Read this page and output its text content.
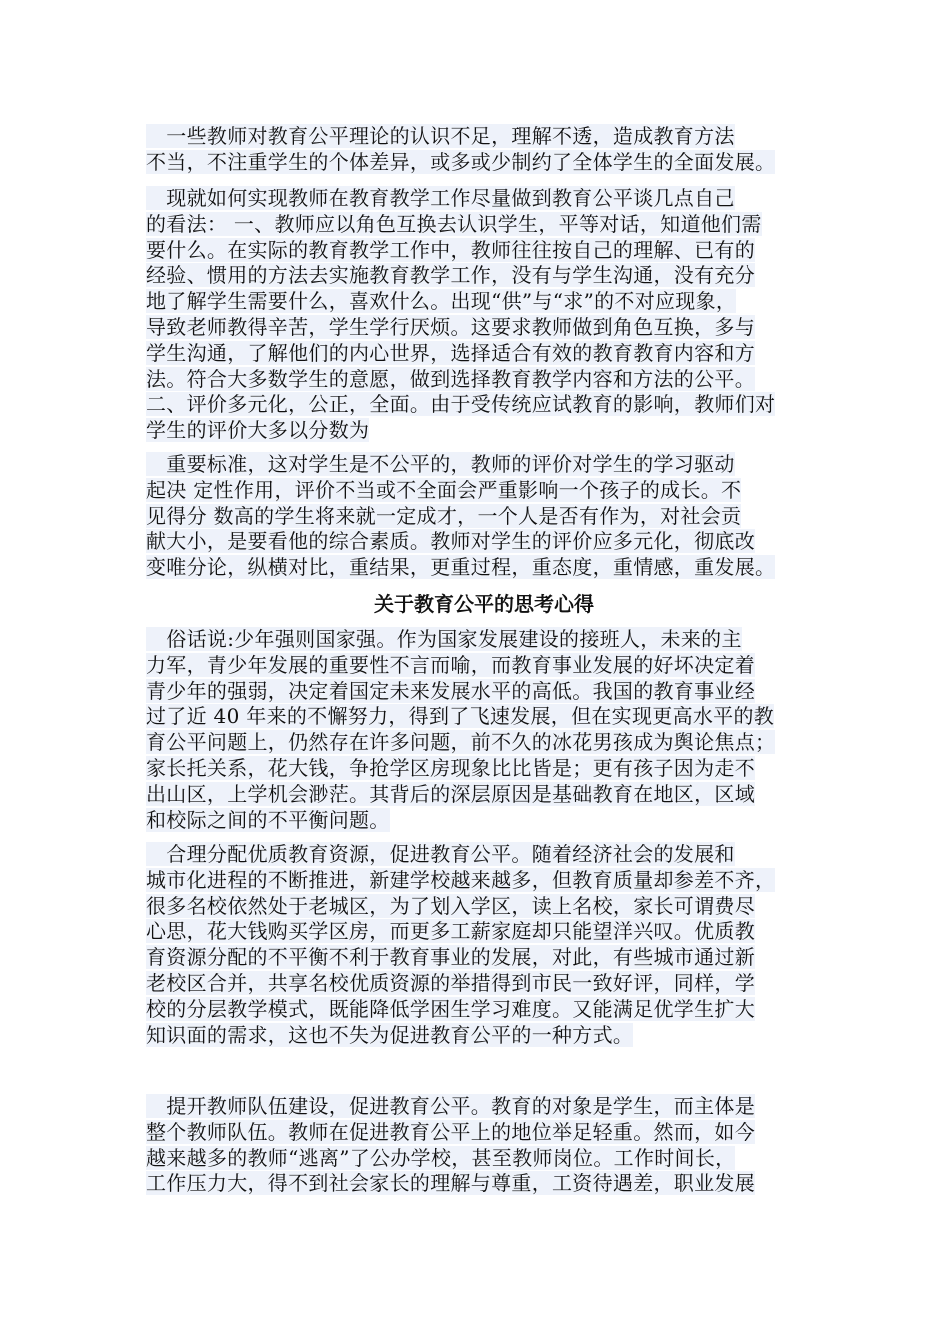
　一些教师对教育公平理论的认识不足，理解不透，造成教育方法
不当，不注重学生的个体差异，或多或少制约了全体学生的全面发展。
　现就如何实现教师在教育教学工作尽量做到教育公平谈几点自己
的看法： 一、教师应以角色互换去认识学生，平等对话，知道他们需
要什么。在实际的教育教学工作中，教师往往按自己的理解、已有的
经验、惯用的方法去实施教育教学工作，没有与学生沟通，没有充分
地了解学生需要什么，喜欢什么。出现“供”与“求”的不对应现象，
导致老师教得辛苦，学生学行厌烦。这要求教师做到角色互换，多与
学生沟通，了解他们的内心世界，选择适合有效的教育教育内容和方
法。符合大多数学生的意愿，做到选择教育教学内容和方法的公平。
二、评价多元化，公正，全面。由于受传统应试教育的影响，教师们对
学生的评价大多以分数为
　重要标准，这对学生是不公平的，教师的评价对学生的学习驱动
起决 定性作用，评价不当或不全面会严重影响一个孩子的成长。不
见得分 数高的学生将来就一定成才，一个人是否有作为，对社会贡
献大小，是要看他的综合素质。教师对学生的评价应多元化，彻底改
变唯分论，纵横对比，重结果，更重过程，重态度，重情感，重发展。
关于教育公平的思考心得
　俗话说:少年强则国家强。作为国家发展建设的接班人，未来的主
力军，青少年发展的重要性不言而喻，而教育事业发展的好坏决定着
青少年的强弱，决定着国定未来发展水平的高低。我国的教育事业经
过了近 40 年来的不懈努力，得到了飞速发展，但在实现更高水平的教
育公平问题上，仍然存在许多问题，前不久的冰花男孩成为舆论焦点；
家长托关系，花大钱，争抢学区房现象比比皆是；更有孩子因为走不
出山区，上学机会渺茫。其背后的深层原因是基础教育在地区，区域
和校际之间的不平衡问题。
　合理分配优质教育资源，促进教育公平。随着经济社会的发展和
城市化进程的不断推进，新建学校越来越多，但教育质量却参差不齐，
很多名校依然处于老城区，为了划入学区，读上名校，家长可谓费尽
心思，花大钱购买学区房，而更多工薪家庭却只能望洋兴叹。优质教
育资源分配的不平衡不利于教育事业的发展，对此，有些城市通过新
老校区合并，共享名校优质资源的举措得到市民一致好评，同样，学
校的分层教学模式，既能降低学困生学习难度。又能满足优学生扩大
知识面的需求，这也不失为促进教育公平的一种方式。
　提开教师队伍建设，促进教育公平。教育的对象是学生，而主体是
整个教师队伍。教师在促进教育公平上的地位举足轻重。然而，如今
越来越多的教师“逃离”了公办学校，甚至教师岗位。工作时间长，
工作压力大，得不到社会家长的理解与尊重，工资待遇差，职业发展
